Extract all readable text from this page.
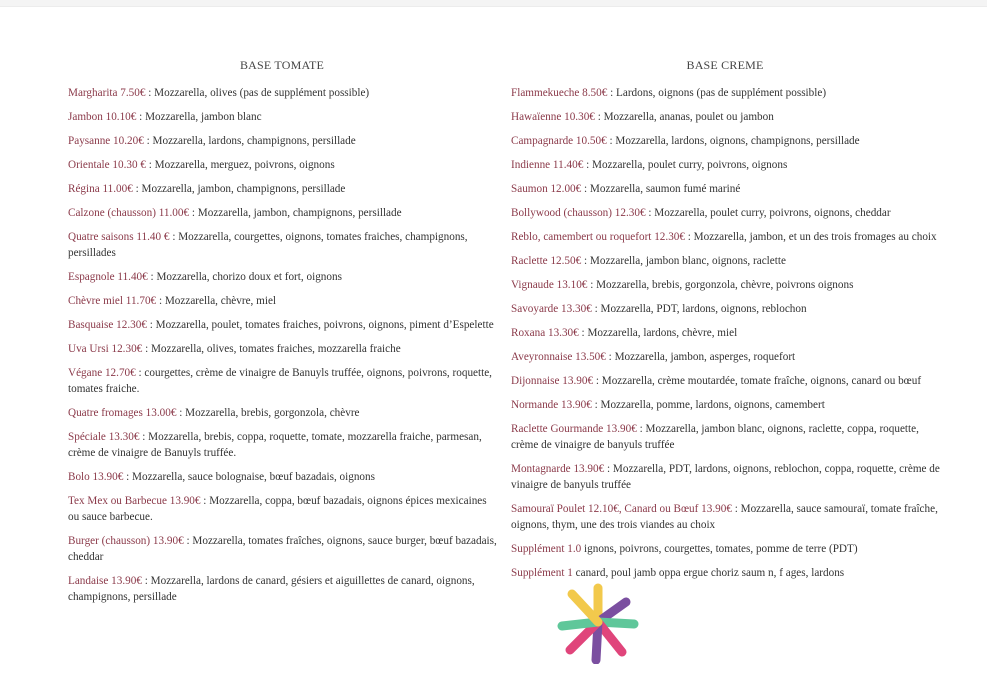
BASE TOMATE
Margharita 7.50€ : Mozzarella, olives (pas de supplément possible)
Jambon 10.10€ : Mozzarella, jambon blanc
Paysanne 10.20€ : Mozzarella, lardons, champignons, persillade
Orientale 10.30 € : Mozzarella, merguez, poivrons, oignons
Régina 11.00€ : Mozzarella, jambon, champignons, persillade
Calzone (chausson) 11.00€ : Mozzarella, jambon, champignons, persillade
Quatre saisons 11.40 € : Mozzarella, courgettes, oignons, tomates fraiches, champignons, persillades
Espagnole 11.40€ : Mozzarella, chorizo doux et fort, oignons
Chèvre miel 11.70€ : Mozzarella, chèvre, miel
Basquaise 12.30€ : Mozzarella, poulet, tomates fraiches, poivrons, oignons, piment d’Espelette
Uva Ursi 12.30€ : Mozzarella, olives, tomates fraiches, mozzarella fraiche
Végane 12.70€ : courgettes, crème de vinaigre de Banuyls truffée, oignons, poivrons, roquette, tomates fraiche.
Quatre fromages 13.00€ : Mozzarella, brebis, gorgonzola, chèvre
Spéciale 13.30€ : Mozzarella, brebis, coppa, roquette, tomate, mozzarella fraiche, parmesan, crème de vinaigre de Banuyls truffée.
Bolo 13.90€ : Mozzarella, sauce bolognaise, bœuf bazadais, oignons
Tex Mex ou Barbecue 13.90€ : Mozzarella, coppa, bœuf bazadais, oignons épices mexicaines ou sauce barbecue.
Burger (chausson) 13.90€ : Mozzarella, tomates fraîches, oignons, sauce burger, bœuf bazadais, cheddar
Landaise 13.90€ : Mozzarella, lardons de canard, gésiers et aiguillettes de canard, oignons, champignons, persillade
BASE CREME
Flammekueche 8.50€ : Lardons, oignons (pas de supplément possible)
Hawaïenne 10.30€ : Mozzarella, ananas, poulet ou jambon
Campagnarde 10.50€ : Mozzarella, lardons, oignons, champignons, persillade
Indienne 11.40€ : Mozzarella, poulet curry, poivrons, oignons
Saumon 12.00€ : Mozzarella, saumon fumé mariné
Bollywood (chausson) 12.30€ : Mozzarella, poulet curry, poivrons, oignons, cheddar
Reblo, camembert ou roquefort 12.30€ : Mozzarella, jambon, et un des trois fromages au choix
Raclette 12.50€ : Mozzarella, jambon blanc, oignons, raclette
Vignaude 13.10€ : Mozzarella, brebis, gorgonzola, chèvre, poivrons oignons
Savoyarde 13.30€ : Mozzarella, PDT, lardons, oignons, reblochon
Roxana 13.30€ : Mozzarella, lardons, chèvre, miel
Aveyronnaise 13.50€ : Mozzarella, jambon, asperges, roquefort
Dijonnaise 13.90€ : Mozzarella, crème moutardée, tomate fraîche, oignons, canard ou bœuf
Normande 13.90€ : Mozzarella, pomme, lardons, oignons, camembert
Raclette Gourmande 13.90€ : Mozzarella, jambon blanc, oignons, raclette, coppa, roquette, crème de vinaigre de banyuls truffée
Montagnarde 13.90€ : Mozzarella, PDT, lardons, oignons, reblochon, coppa, roquette, crème de vinaigre de banyuls truffée
Samouraï Poulet 12.10€, Canard ou Bœuf 13.90€ : Mozzarella, sauce samouraï, tomate fraîche, oignons, thym, une des trois viandes au choix
Supplément 1.0 ignons, poivrons, courgettes, tomates, pomme de terre (PDT)
Supplément 1 canard, poul jamb oppa ergue choriz saum n, f ages, lardons
